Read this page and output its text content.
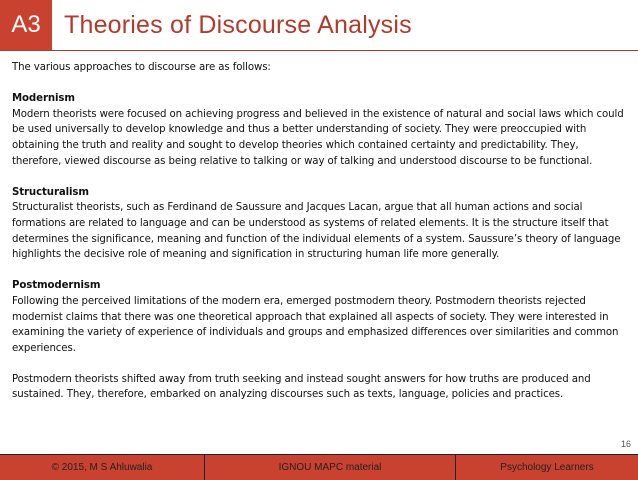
A3 Theories of Discourse Analysis

The various approaches to discourse are as follows:

Modernism
Modern theorists were focused on achieving progress and believed in the existence of natural and social laws which could be used universally to develop knowledge and thus a better understanding of society. They were preoccupied with obtaining the truth and reality and sought to develop theories which contained certainty and predictability. They, therefore, viewed discourse as being relative to talking or way of talking and understood discourse to be functional.

Structuralism
Structuralist theorists, such as Ferdinand de Saussure and Jacques Lacan, argue that all human actions and social formations are related to language and can be understood as systems of related elements. It is the structure itself that determines the significance, meaning and function of the individual elements of a system. Saussure’s theory of language highlights the decisive role of meaning and signification in structuring human life more generally.

Postmodernism
Following the perceived limitations of the modern era, emerged postmodern theory. Postmodern theorists rejected modernist claims that there was one theoretical approach that explained all aspects of society. They were interested in examining the variety of experience of individuals and groups and emphasized differences over similarities and common experiences.

Postmodern theorists shifted away from truth seeking and instead sought answers for how truths are produced and sustained. They, therefore, embarked on analyzing discourses such as texts, language, policies and practices.

16
© 2015, M S Ahluwalia	IGNOU MAPC material	Psychology Learners
